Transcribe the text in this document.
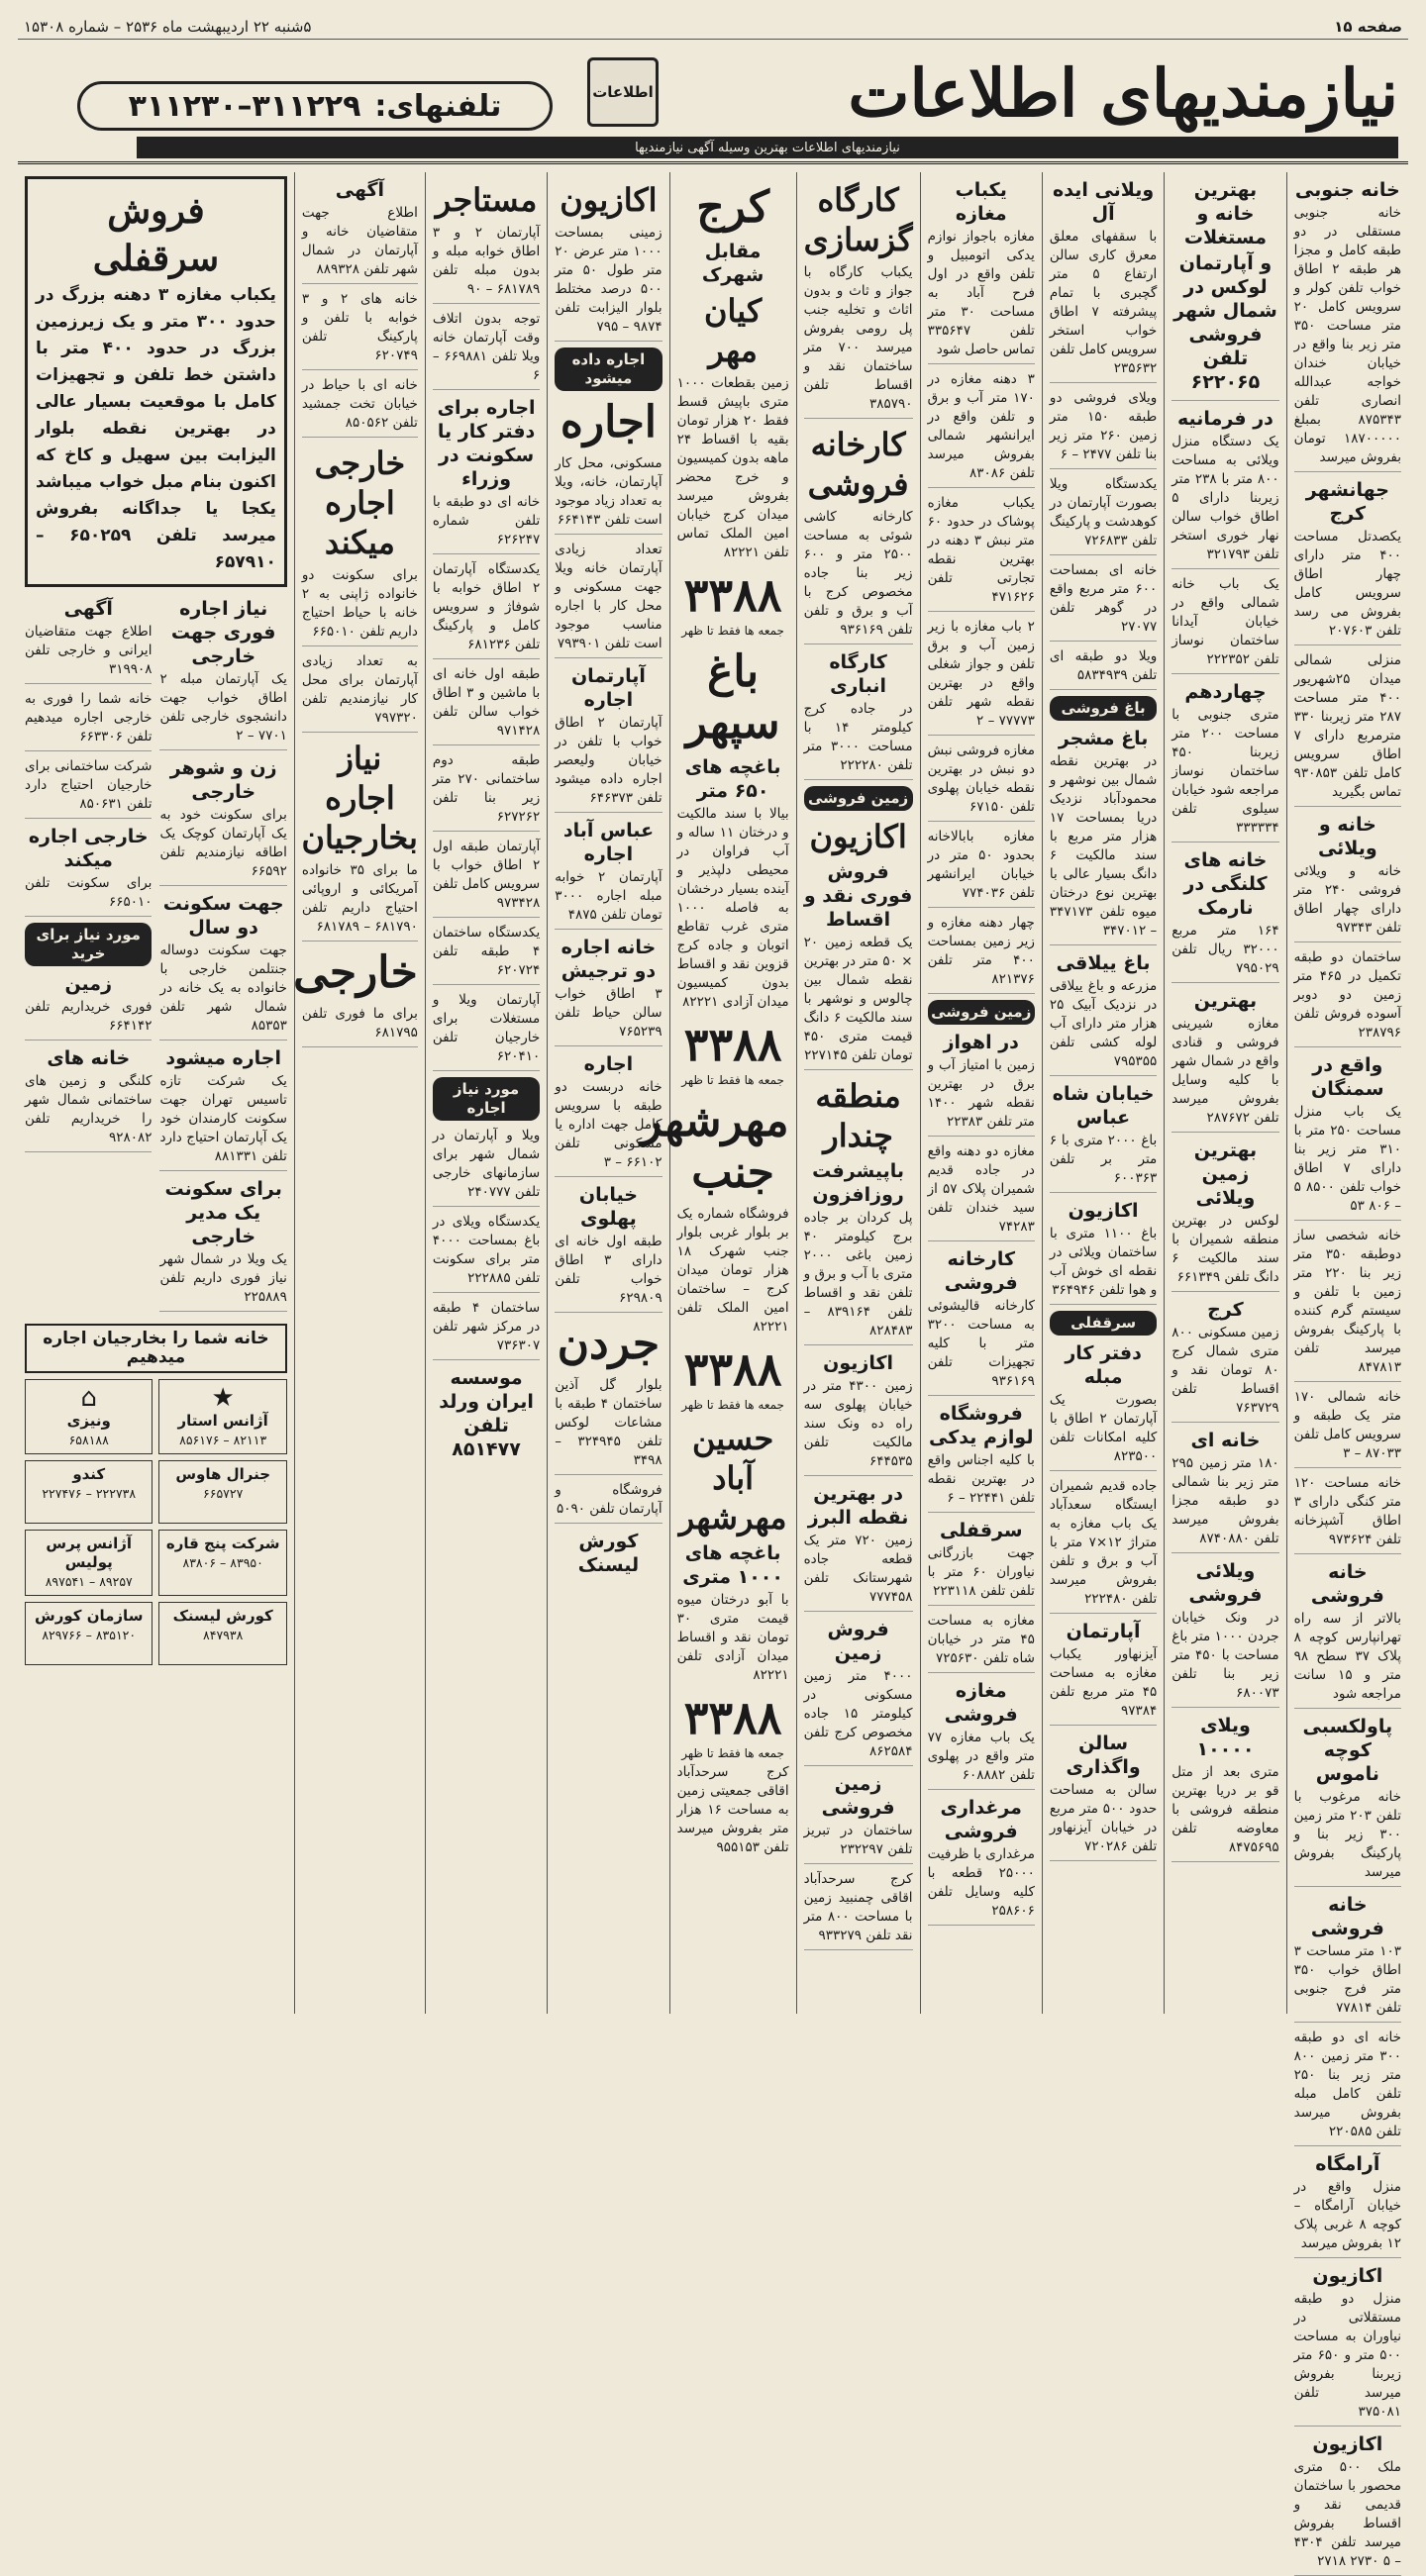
صفحه ۱۵
۵شنبه ۲۲ اردیبهشت ماه ۲۵۳۶ – شماره ۱۵۳۰۸
نیازمندیهای اطلاعات
اطلاعات
تلفنهای:
۳۱۱۲۲۹–۳۱۱۲۳۰
نیازمندیهای اطلاعات بهترین وسیله آگهی نیازمندیها
خانه جنوبی
خانه جنوبی مستقلی در دو طبقه کامل و مجزا هر طبقه ۲ اطاق خواب تلفن کولر و سرویس کامل ۲۰ متر مساحت ۳۵۰ متر زیر بنا واقع در خیابان خندان خواجه عبدالله انصاری تلفن ۸۷۵۳۴۳ بمبلغ ۱۸۷۰۰۰۰۰ تومان بفروش میرسد
جهانشهر کرج
یکصدتل مساحت ۴۰۰ متر دارای چهار اطاق سرویس کامل بفروش می رسد تلفن ۲۰۷۶۰۳
منزلی شمالی میدان ۲۵شهریور ۴۰۰ متر مساحت ۲۸۷ متر زیربنا ۳۳۰ مترمربع دارای ۷ اطاق سرویس کامل تلفن ۹۳۰۸۵۳ تماس بگیرید
خانه و ویلائی
خانه و ویلائی فروشی ۲۴۰ متر دارای چهار اطاق تلفن ۹۷۳۴۳
ساختمان دو طبقه تکمیل در ۴۶۵ متر زمین دو دوبر آسوده فروش تلفن ۲۳۸۷۹۶
واقع در سمنگان
یک باب منزل مساحت ۲۵۰ متر با ۳۱۰ متر زیر بنا دارای ۷ اطاق خواب تلفن ۸۵۰۰ ۵ – ۸۰۶ ۵۳
خانه شخصی ساز دوطبقه ۳۵۰ متر زیر بنا ۲۲۰ متر زمین با تلفن و سیستم گرم کننده با پارکینگ بفروش میرسد تلفن ۸۴۷۸۱۳
خانه شمالی ۱۷۰ متر یک طبقه و سرویس کامل تلفن ۸۷۰۳۳ – ۳
خانه مساحت ۱۲۰ متر کنگی دارای ۳ اطاق آشپزخانه تلفن ۹۷۳۶۲۴
خانه فروشی
بالاتر از سه راه تهرانپارس کوچه ۸ پلاک ۳۷ سطح ۹۸ متر و ۱۵ سانت مراجعه شود
پاولکسبی کوچه ناموس
خانه مرغوب با تلفن ۲۰۳ متر زمین ۳۰۰ زیر بنا و پارکینگ بفروش میرسد
خانه فروشی
۱۰۳ متر مساحت ۳ اطاق خواب ۳۵۰ متر فرج جنوبی تلفن ۷۷۸۱۴
خانه ای دو طبقه ۳۰۰ متر زمین ۸۰۰ متر زیر بنا ۲۵۰ تلفن کامل مبله بفروش میرسد تلفن ۲۲۰۵۸۵
آرامگاه
منزل واقع در خیابان آرامگاه – کوچه ۸ غربی پلاک ۱۲ بفروش میرسد
اکازیون
منزل دو طبقه مستقلاتی در نیاوران به مساحت ۵۰۰ متر و ۶۵۰ متر زیربنا بفروش میرسد تلفن ۳۷۵۰۸۱
اکازیون
ملک ۵۰۰ متری محصور با ساختمان قدیمی نقد و اقساط بفروش میرسد تلفن ۴۳۰۴ – ۵ ۲۷۳۰ ۲۷۱۸
بهترین خانه و مستغلات
و آپارتمان لوکس در شمال شهر فروشی تلفن ۶۲۲۰۶۵
در فرمانیه
یک دستگاه منزل ویلائی به مساحت ۸۰۰ متر با ۲۳۸ متر زیربنا دارای ۵ اطاق خواب سالن نهار خوری استخر تلفن ۳۲۱۷۹۳
یک باب خانه شمالی واقع در خیابان آیدانا ساختمان نوساز تلفن ۲۲۲۳۵۲
چهاردهم
متری جنوبی با مساحت ۲۰۰ متر زیربنا ۴۵۰ ساختمان نوساز مراجعه شود خیابان سیلوی تلفن ۳۳۳۳۳۴
خانه های کلنگی در نارمک
۱۶۴ متر مربع ۳۲۰۰۰ ریال تلفن ۷۹۵۰۲۹
بهترین
مغازه شیرینی فروشی و قنادی واقع در شمال شهر با کلیه وسایل بفروش میرسد تلفن ۲۸۷۶۷۲
بهترین زمین ویلائی
لوکس در بهترین منطقه شمیران با سند مالکیت ۶ دانگ تلفن ۶۶۱۳۴۹
کرج
زمین مسکونی ۸۰۰ متری شمال کرج ۸۰ تومان نقد و اقساط تلفن ۷۶۳۷۲۹
خانه ای
۱۸۰ متر زمین ۲۹۵ متر زیر بنا شمالی دو طبقه مجزا بفروش میرسد تلفن ۸۷۴۰۸۸۰
ویلائی فروشی
در ونک خیابان جردن ۱۰۰۰ متر باغ مساحت با ۴۵۰ متر زیر بنا تلفن ۶۸۰۰۷۳
ویلای ۱۰۰۰۰
متری بعد از متل قو بر دریا بهترین منطقه فروشی با معاوضه تلفن ۸۴۷۵۶۹۵
ویلانی ایده آل
با سقفهای معلق معرق کاری سالن ارتفاع ۵ متر گچبری با تمام پیشرفته ۷ اطاق خواب استخر سرویس کامل تلفن ۲۳۵۶۳۲
ویلای فروشی دو طبقه ۱۵۰ متر زمین ۲۶۰ متر زیر بنا تلفن ۲۴۷۷ – ۶
یکدستگاه ویلا بصورت آپارتمان در کوهدشت و پارکینگ تلفن ۷۲۶۸۳۳
خانه ای بمساحت ۶۰۰ متر مربع واقع در گوهر تلفن ۲۷۰۷۷
ویلا دو طبقه ای تلفن ۵۸۳۴۹۳۹
باغ فروشی
باغ مشجر
در بهترین نقطه شمال بین نوشهر و محمودآباد نزدیک دریا بمساحت ۱۷ هزار متر مربع با سند مالکیت ۶ دانگ بسیار عالی با بهترین نوع درختان میوه تلفن ۳۴۷۱۷۳ – ۳۴۷۰۱۲
باغ ییلاقی
مزرعه و باغ ییلاقی در نزدیک آبیک ۲۵ هزار متر دارای آب لوله کشی تلفن ۷۹۵۳۵۵
خیابان شاه عباس
باغ ۲۰۰۰ متری با ۶ متر بر تلفن ۶۰۰۳۶۳
اکازیون
باغ ۱۱۰۰ متری با ساختمان ویلائی در نقطه ای خوش آب و هوا تلفن ۳۶۴۹۴۶
سرقفلی
دفتر کار مبله
بصورت یک آپارتمان ۲ اطاق با کلیه امکانات تلفن ۸۲۳۵۰۰
جاده قدیم شمیران ایستگاه سعدآباد یک باب مغازه به متراژ ۱۲×۷ متر با آب و برق و تلفن بفروش میرسد تلفن ۲۲۲۴۸۰
آپارتمان
آیزنهاور یکباب مغازه به مساحت ۴۵ متر مربع تلفن ۹۷۳۸۴
سالن واگذاری
سالن به مساحت حدود ۵۰۰ متر مربع در خیابان آیزنهاور تلفن ۷۲۰۲۸۶
یکباب مغازه
مغازه باجواز نوازم یدکی اتومبیل و تلفن واقع در اول فرح آباد به مساحت ۳۰ متر تلفن ۳۳۵۶۴۷ تماس حاصل شود
۳ دهنه مغازه در ۱۷۰ متر آب و برق و تلفن واقع در ایرانشهر شمالی بفروش میرسد تلفن ۸۳۰۸۶
یکباب مغازه پوشاک در حدود ۶۰ متر نبش ۳ دهنه در بهترین نقطه تجارتی تلفن ۴۷۱۶۲۶
۲ باب مغازه با زیر زمین آب و برق تلفن و جواز شغلی واقع در بهترین نقطه شهر تلفن ۷۷۷۷۳ – ۲
مغازه فروشی نبش دو نبش در بهترین نقطه خیابان پهلوی تلفن ۶۷۱۵۰
مغازه بابالاخانه بحدود ۵۰ متر در خیابان ایرانشهر تلفن ۷۷۴۰۳۶
چهار دهنه مغازه و زیر زمین بمساحت ۴۰۰ متر تلفن ۸۲۱۳۷۶
زمین فروشی
در اهواز
زمین با امتیاز آب و برق در بهترین نقطه شهر ۱۴۰۰ متر تلفن ۲۲۳۸۳
مغازه دو دهنه واقع در جاده قدیم شمیران پلاک ۵۷ از سید خندان تلفن ۷۴۲۸۳
کارخانه فروشی
کارخانه قالیشوئی به مساحت ۳۲۰۰ متر با کلیه تجهیزات تلفن ۹۳۶۱۶۹
فروشگاه لوازم یدکی
با کلیه اجناس واقع در بهترین نقطه تلفن ۲۲۴۴۱ – ۶
سرقفلی
جهت بازرگانی نیاوران ۶۰ متر با تلفن تلفن ۲۲۳۱۱۸
مغازه به مساحت ۴۵ متر در خیابان شاه تلفن ۷۲۵۶۳۰
مغازه فروشی
یک باب مغازه ۷۷ متر واقع در پهلوی تلفن ۶۰۸۸۸۲
مرغداری فروشی
مرغداری با ظرفیت ۲۵۰۰۰ قطعه با کلیه وسایل تلفن ۲۵۸۶۰۶
کارگاه گزسازی
یکباب کارگاه با جواز و ثاث و بدون اثاث و تخلیه جنب پل رومی بفروش میرسد ۷۰۰ متر ساختمان نقد و اقساط تلفن ۳۸۵۷۹۰
کارخانه فروشی
کارخانه کاشی شوئی به مساحت ۲۵۰۰ متر و ۶۰۰ زیر بنا جاده مخصوص کرج با آب و برق و تلفن تلفن ۹۳۶۱۶۹
کارگاه انباری
در جاده کرج کیلومتر ۱۴ با مساحت ۳۰۰۰ متر تلفن ۲۲۲۲۸۰
زمین فروشی
اکازیون
فروش فوری نقد و اقساط
یک قطعه زمین ۲۰ × ۵۰ متر در بهترین نقطه شمال بین چالوس و نوشهر با سند مالکیت ۶ دانگ قیمت متری ۴۵۰ تومان تلفن ۲۲۷۱۴۵
منطقه چندار
باپیشرفت روزافزون
پل کردان بر جاده برج کیلومتر ۴۰ زمین باغی ۲۰۰۰ متری با آب و برق و تلفن نقد و اقساط تلفن ۸۳۹۱۶۴ – ۸۲۸۴۸۳
اکازیون
زمین ۴۳۰۰ متر در خیابان پهلوی سه راه ده ونک سند مالکیت تلفن ۶۴۴۵۳۵
در بهترین نقطه البرز
زمین ۷۲۰ متر یک قطعه جاده شهرستانک تلفن ۷۷۷۴۵۸
فروش زمین
۴۰۰۰ متر زمین مسکونی در کیلومتر ۱۵ جاده مخصوص کرج تلفن ۸۶۲۵۸۴
زمین فروشی
ساختمان در تبریز تلفن ۲۳۲۲۹۷
کرج سرحدآباد اقاقی چمنبید زمین با مساحت ۸۰۰ متر نقد تلفن ۹۳۳۲۷۹
کرج
مقابل شهرک
کیان مهر
زمین بقطعات ۱۰۰۰ متری باپیش قسط فقط ۲۰ هزار تومان بقیه با اقساط ۲۴ ماهه بدون کمیسیون و خرج محضر بفروش میرسد میدان کرج خیابان امین الملک تماس تلفن ۸۲۲۲۱
۳۳۸۸
جمعه ها فقط تا ظهر
باغ سپهر
باغچه های ۶۵۰ متر
بیالا با سند مالکیت و درختان ۱۱ ساله و آب فراوان در محیطی دلپذیر و آینده بسیار درخشان به فاصله ۱۰۰۰ متری غرب تقاطع اتوبان و جاده کرج قزوین نقد و اقساط بدون کمیسیون میدان آزادی ۸۲۲۲۱
۳۳۸۸
جمعه ها فقط تا ظهر
مهرشهر جنب
فروشگاه شماره یک بر بلوار غربی بلوار جنب شهرک ۱۸ هزار تومان میدان کرج – ساختمان امین الملک تلفن ۸۲۲۲۱
۳۳۸۸
جمعه ها فقط تا ظهر
حسین آباد مهرشهر
باغچه های ۱۰۰۰ متری
با آبو درختان میوه قیمت متری ۳۰ تومان نقد و اقساط میدان آزادی تلفن ۸۲۲۲۱
۳۳۸۸
جمعه ها فقط تا ظهر
کرج سرحدآباد اقاقی جمعیتی زمین به مساحت ۱۶ هزار متر بفروش میرسد تلفن ۹۵۵۱۵۳
اکازیون
زمینی بمساحت ۱۰۰۰ متر عرض ۲۰ متر طول ۵۰ متر ۵۰۰ درصد مختلط بلوار الیزابت تلفن ۹۸۷۴ – ۷۹۵
اجاره داده میشود
اجاره
مسکونی، محل کار آپارتمان، خانه، ویلا به تعداد زیاد موجود است تلفن ۶۶۴۱۴۳
تعداد زیادی آپارتمان خانه ویلا جهت مسکونی و محل کار با اجاره مناسب موجود است تلفن ۷۹۳۹۰۱
آپارتمان اجاره
آپارتمان ۲ اطاق خواب با تلفن در خیابان ولیعصر اجاره داده میشود تلفن ۶۴۶۳۷۳
عباس آباد اجاره
آپارتمان ۲ خوابه مبله اجاره ۳۰۰۰ تومان تلفن ۴۸۷۵
خانه اجاره دو ترجیش
۳ اطاق خواب سالن حیاط تلفن ۷۶۵۲۳۹
اجاره
خانه دربست دو طبقه با سرویس کامل جهت اداره یا مسکونی تلفن ۶۶۱۰۲ – ۳
خیابان پهلوی
طبقه اول خانه ای دارای ۳ اطاق خواب تلفن ۶۲۹۸۰۹
جردن
بلوار گل آذین ساختمان ۴ طبقه با مشاعات لوکس تلفن ۳۲۴۹۴۵ – ۳۴۹۸
فروشگاه و آپارتمان تلفن ۵۰۹۰
کورش لیسنک
مستاجر
آپارتمان ۲ و ۳ اطاق خوابه مبله و بدون مبله تلفن ۶۸۱۷۸۹ – ۹۰
توجه بدون اتلاف وقت آپارتمان خانه ویلا تلفن ۶۶۹۸۸۱ – ۶
اجاره برای دفتر کار یا سکونت در وزراء
خانه ای دو طبقه با تلفن شماره ۶۲۶۲۴۷
یکدستگاه آپارتمان ۲ اطاق خوابه با شوفاژ و سرویس کامل و پارکینگ تلفن ۶۸۱۲۳۶
طبقه اول خانه ای با ماشین و ۳ اطاق خواب سالن تلفن ۹۷۱۴۲۸
طبقه دوم ساختمانی ۲۷۰ متر زیر بنا تلفن ۶۲۷۲۶۲
آپارتمان طبقه اول ۲ اطاق خواب با سرویس کامل تلفن ۹۷۳۴۲۸
یکدستگاه ساختمان ۴ طبقه تلفن ۶۲۰۷۲۴
آپارتمان ویلا و مستغلات برای خارجیان تلفن ۶۲۰۴۱۰
مورد نیاز اجاره
ویلا و آپارتمان در شمال شهر برای سازمانهای خارجی تلفن ۲۴۰۷۷۷
یکدستگاه ویلای در باغ بمساحت ۴۰۰۰ متر برای سکونت تلفن ۲۲۲۸۸۵
ساختمان ۴ طبقه در مرکز شهر تلفن ۷۳۶۳۰۷
موسسه ایران ورلد تلفن ۸۵۱۴۷۷
آگهی
اطلاع جهت متقاضیان خانه و آپارتمان در شمال شهر تلفن ۸۸۹۳۲۸
خانه های ۲ و ۳ خوابه با تلفن و پارکینگ تلفن ۶۲۰۷۴۹
خانه ای با حیاط در خیابان تخت جمشید تلفن ۸۵۰۵۶۲
خارجی اجاره میکند
برای سکونت دو خانواده ژاپنی به ۲ خانه با حیاط احتیاج داریم تلفن ۶۶۵۰۱۰
به تعداد زیادی آپارتمان برای محل کار نیازمندیم تلفن ۷۹۷۳۲۰
نیاز اجاره بخارجیان
ما برای ۳۵ خانواده آمریکائی و اروپائی احتیاج داریم تلفن ۶۸۱۷۹۰ – ۶۸۱۷۸۹
خارجی
برای ما فوری تلفن ۶۸۱۷۹۵
فروش
سرقفلی
یکباب مغازه ۳ دهنه بزرگ در حدود ۳۰۰ متر و یک زیرزمین بزرگ در حدود ۴۰۰ متر با داشتن خط تلفن و تجهیزات کامل با موقعیت بسیار عالی در بهترین نقطه بلوار الیزابت بین سهیل و کاخ که اکنون بنام مبل خواب میباشد یکجا یا جداگانه بفروش میرسد تلفن ۶۵۰۲۵۹ – ۶۵۷۹۱۰
نیاز اجاره فوری جهت خارجی
یک آپارتمان مبله ۲ اطاق خواب جهت دانشجوی خارجی تلفن ۷۷۰۱ – ۲
زن و شوهر خارجی
برای سکونت خود به یک آپارتمان کوچک یک اطاقه نیازمندیم تلفن ۶۶۵۹۲
جهت سکونت دو سال
جهت سکونت دوساله جنتلمن خارجی با خانواده به یک خانه در شمال شهر تلفن ۸۵۳۵۳
اجاره میشود
یک شرکت تازه تاسیس تهران جهت سکونت کارمندان خود یک آپارتمان احتیاج دارد تلفن ۸۸۱۳۳۱
برای سکونت یک مدیر خارجی
یک ویلا در شمال شهر نیاز فوری داریم تلفن ۲۲۵۸۸۹
آگهی
اطلاع جهت متقاضیان ایرانی و خارجی تلفن ۳۱۹۹۰۸
خانه شما را فوری به خارجی اجاره میدهیم تلفن ۶۶۳۳۰۶
شرکت ساختمانی برای خارجیان احتیاج دارد تلفن ۸۵۰۶۳۱
خارجی اجاره میکند
برای سکونت تلفن ۶۶۵۰۱۰
مورد نیاز برای خرید
زمین
فوری خریداریم تلفن ۶۶۴۱۴۲
خانه های
کلنگی و زمین های ساختمانی شمال شهر را خریداریم تلفن ۹۲۸۰۸۲
خانه شما را بخارجیان اجاره میدهیم
★
آژانس استار
۸۲۱۱۳ – ۸۵۶۱۷۶
⌂
ونیزی
۶۵۸۱۸۸
جنرال هاوس
۶۶۵۷۲۷
کندو
۲۲۲۷۳۸ – ۲۲۷۴۷۶
شرکت پنج قاره
۸۳۹۵۰ – ۸۳۸۰۶
آژانس پرس پولیس
۸۹۲۵۷ – ۸۹۷۵۴۱
کورش لیسنک
۸۴۷۹۳۸
سازمان کورش
۸۳۵۱۲۰ – ۸۲۹۷۶۶
